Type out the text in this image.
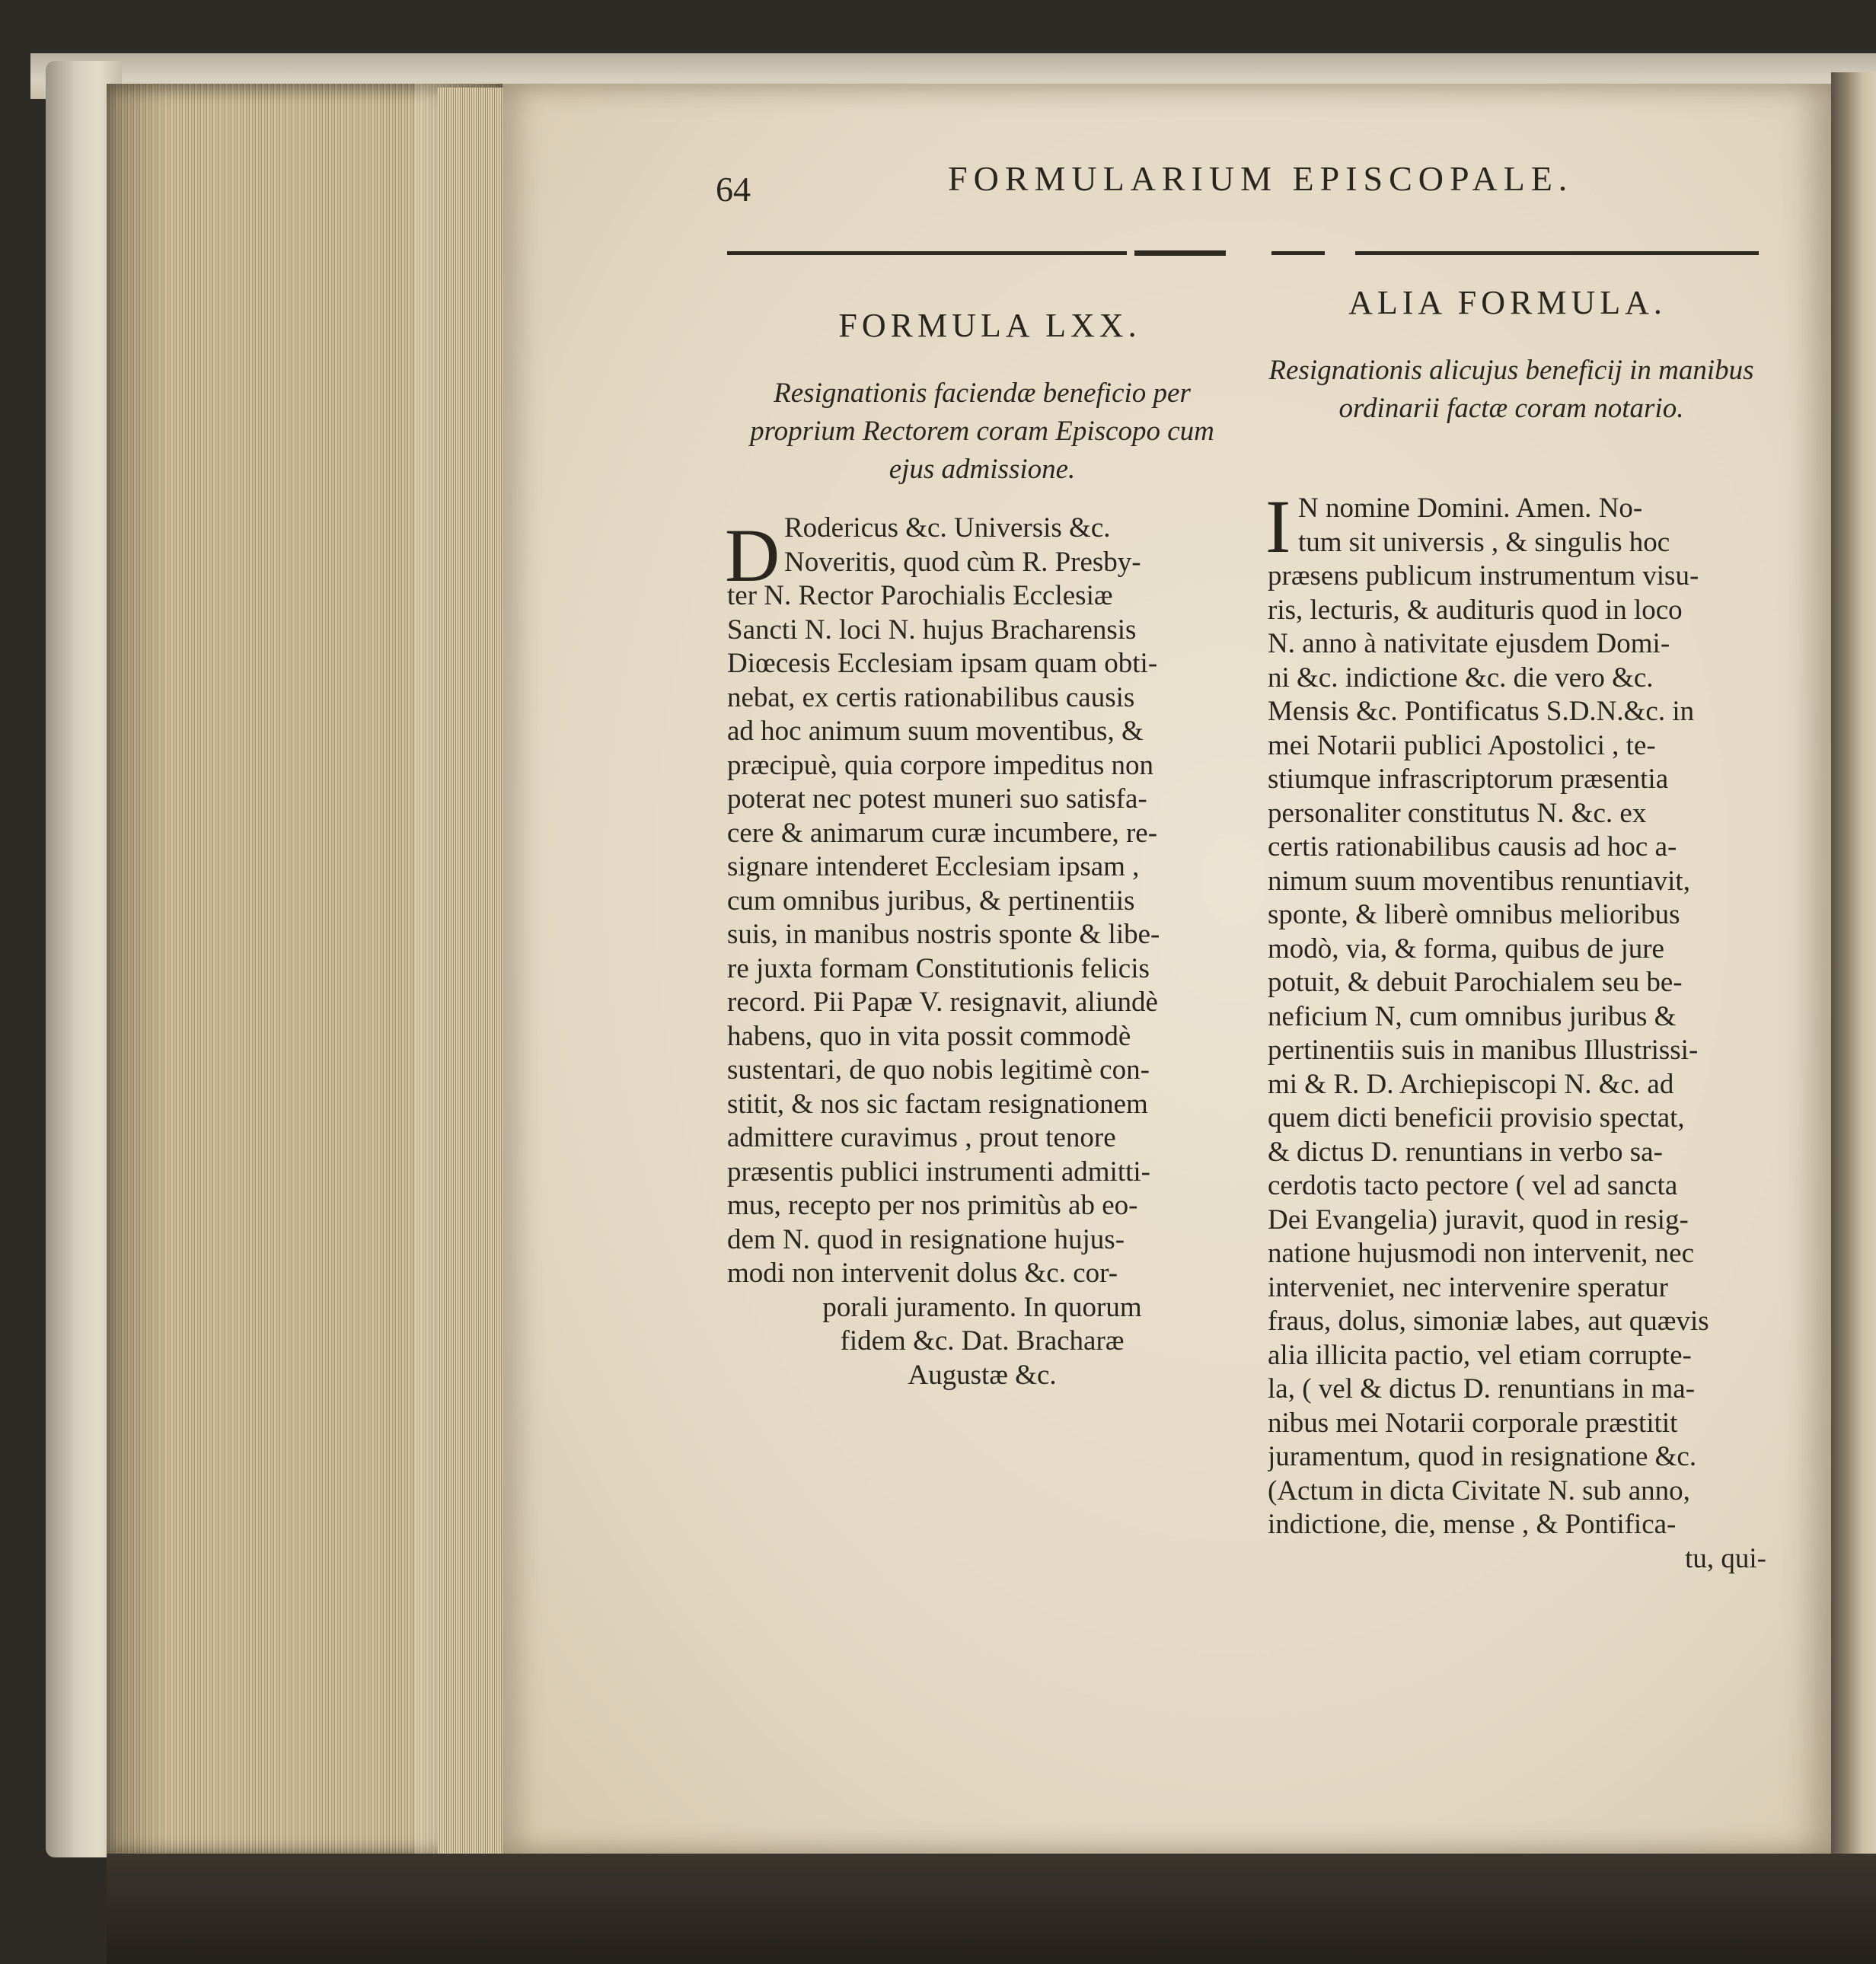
64	FORMULARIUM EPISCOPALE.
FORMULA LXX.
Resignationis faciendæ beneficio per proprium Rectorem coram Episcopo cum ejus admissione.
D Rodericus &c. Universis &c.
Noveritis, quod cùm R. Presby-
ter N. Rector Parochialis Ecclesiæ
Sancti N. loci N. hujus Bracharensis
Diœcesis Ecclesiam ipsam quam obti-
nebat, ex certis rationabilibus causis
ad hoc animum suum moventibus, &
præcipuè, quia corpore impeditus non
poterat nec potest muneri suo satisfa-
cere & animarum curæ incumbere, re-
signare intenderet Ecclesiam ipsam ,
cum omnibus juribus, & pertinentiis
suis, in manibus nostris sponte & libe-
re juxta formam Constitutionis felicis
record. Pii Papæ V. resignavit, aliundè
habens, quo in vita possit commodè
sustentari, de quo nobis legitimè con-
stitit, & nos sic factam resignationem
admittere curavimus , prout tenore
præsentis publici instrumenti admitti-
mus, recepto per nos primitùs ab eo-
dem N. quod in resignatione hujus-
modi non intervenit dolus &c. cor-
porali juramento. In quorum
fidem &c. Dat. Bracharæ
Augustæ &c.
ALIA FORMULA.
Resignationis alicujus beneficij in manibus ordinarii factæ coram notario.
I N nomine Domini. Amen. No-
tum sit universis , & singulis hoc
præsens publicum instrumentum visu-
ris, lecturis, & audituris quod in loco
N. anno à nativitate ejusdem Domi-
ni &c. indictione &c. die vero &c.
Mensis &c. Pontificatus S.D.N.&c. in
mei Notarii publici Apostolici , te-
stiumque infrascriptorum præsentia
personaliter constitutus N. &c. ex
certis rationabilibus causis ad hoc a-
nimum suum moventibus renuntiavit,
sponte, & liberè omnibus melioribus
modò, via, & forma, quibus de jure
potuit, & debuit Parochialem seu be-
neficium N, cum omnibus juribus &
pertinentiis suis in manibus Illustrissi-
mi & R. D. Archiepiscopi N. &c. ad
quem dicti beneficii provisio spectat,
& dictus D. renuntians in verbo sa-
cerdotis tacto pectore ( vel ad sancta
Dei Evangelia) juravit, quod in resig-
natione hujusmodi non intervenit, nec
interveniet, nec intervenire speratur
fraus, dolus, simoniæ labes, aut quævis
alia illicita pactio, vel etiam corrupte-
la, ( vel & dictus D. renuntians in ma-
nibus mei Notarii corporale præstitit
juramentum, quod in resignatione &c.
(Actum in dicta Civitate N. sub anno,
indictione, die, mense , & Pontifica-
tu, qui-
